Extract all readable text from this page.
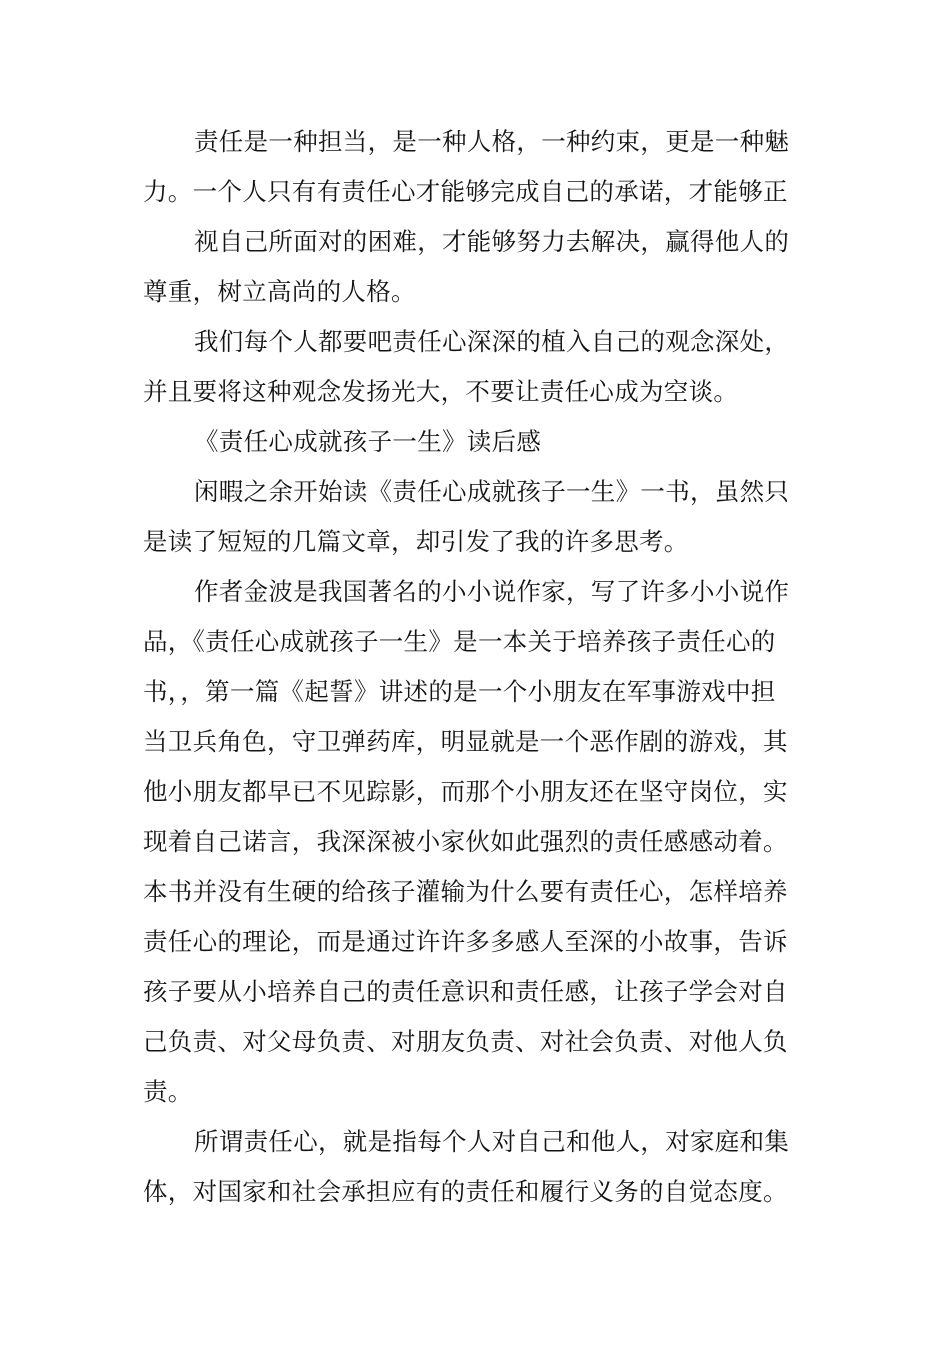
责任是一种担当，是一种人格，一种约束，更是一种魅

力。一个人只有有责任心才能够完成自己的承诺，才能够正

视自己所面对的困难，才能够努力去解决，赢得他人的

尊重，树立高尚的人格。

我们每个人都要吧责任心深深的植入自己的观念深处，

并且要将这种观念发扬光大，不要让责任心成为空谈。

《责任心成就孩子一生》读后感

闲暇之余开始读《责任心成就孩子一生》一书，虽然只

是读了短短的几篇文章，却引发了我的许多思考。

作者金波是我国著名的小小说作家，写了许多小小说作

品，《责任心成就孩子一生》是一本关于培养孩子责任心的

书，，第一篇《起誓》讲述的是一个小朋友在军事游戏中担

当卫兵角色，守卫弹药库，明显就是一个恶作剧的游戏，其

他小朋友都早已不见踪影，而那个小朋友还在坚守岗位，实

现着自己诺言，我深深被小家伙如此强烈的责任感感动着。

本书并没有生硬的给孩子灌输为什么要有责任心，怎样培养

责任心的理论，而是通过许许多多感人至深的小故事，告诉

孩子要从小培养自己的责任意识和责任感，让孩子学会对自

己负责、对父母负责、对朋友负责、对社会负责、对他人负

责。

所谓责任心，就是指每个人对自己和他人，对家庭和集

体，对国家和社会承担应有的责任和履行义务的自觉态度。
